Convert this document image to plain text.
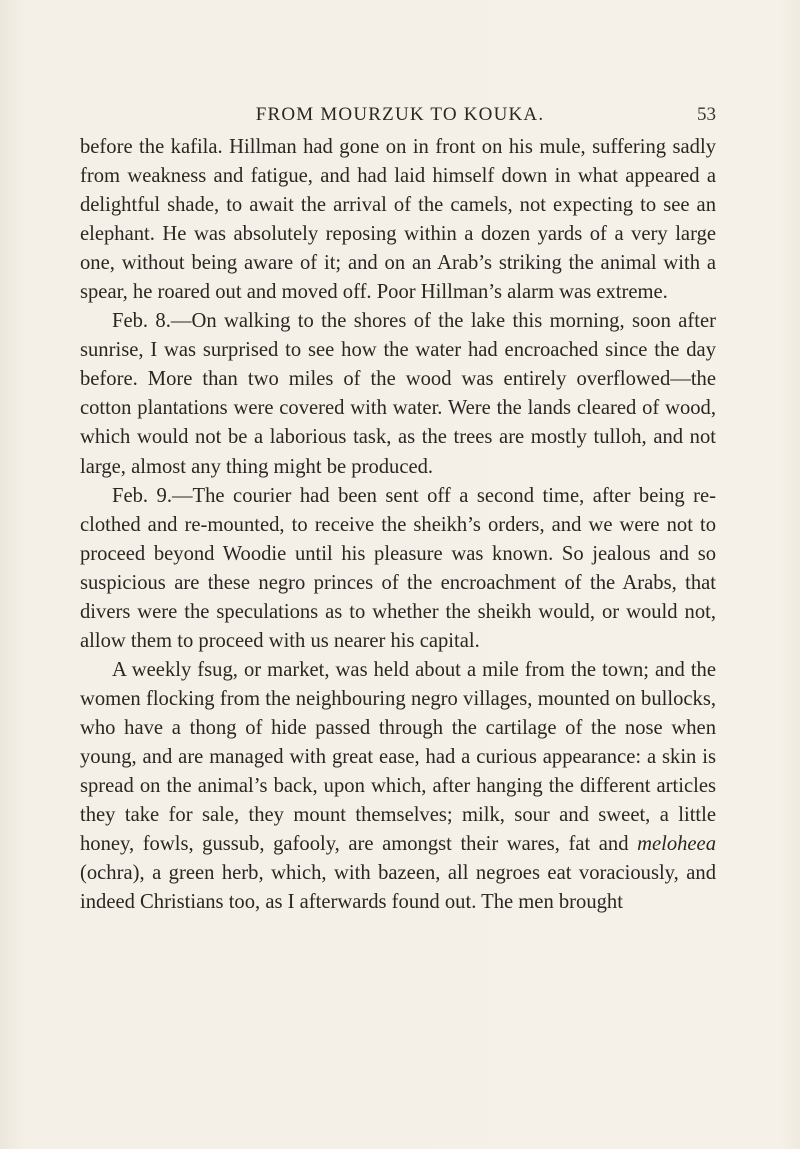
FROM MOURZUK TO KOUKA.	53

before the kafila. Hillman had gone on in front on his mule, suffering sadly from weakness and fatigue, and had laid himself down in what appeared a delightful shade, to await the arrival of the camels, not expecting to see an elephant. He was absolutely reposing within a dozen yards of a very large one, without being aware of it; and on an Arab’s striking the animal with a spear, he roared out and moved off. Poor Hillman’s alarm was extreme.

Feb. 8.—On walking to the shores of the lake this morning, soon after sunrise, I was surprised to see how the water had encroached since the day before. More than two miles of the wood was entirely overflowed—the cotton plantations were covered with water. Were the lands cleared of wood, which would not be a laborious task, as the trees are mostly tulloh, and not large, almost any thing might be produced.

Feb. 9.—The courier had been sent off a second time, after being re-clothed and re-mounted, to receive the sheikh’s orders, and we were not to proceed beyond Woodie until his pleasure was known. So jealous and so suspicious are these negro princes of the encroachment of the Arabs, that divers were the speculations as to whether the sheikh would, or would not, allow them to proceed with us nearer his capital.

A weekly fsug, or market, was held about a mile from the town; and the women flocking from the neighbouring negro villages, mounted on bullocks, who have a thong of hide passed through the cartilage of the nose when young, and are managed with great ease, had a curious appearance: a skin is spread on the animal’s back, upon which, after hanging the different articles they take for sale, they mount themselves; milk, sour and sweet, a little honey, fowls, gussub, gafooly, are amongst their wares, fat and meloheea (ochra), a green herb, which, with bazeen, all negroes eat voraciously, and indeed Christians too, as I afterwards found out. The men brought
